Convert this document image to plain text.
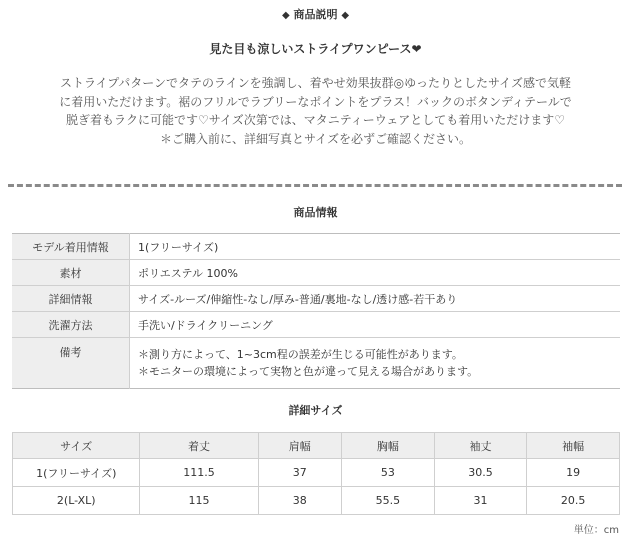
◆ 商品説明 ◆
見た目も涼しいストライプワンピース❤
ストライプパターンでタテのラインを強調し、着やせ効果抜群◎ゆったりとしたサイズ感で気軽
に着用いただけます。裾のフリルでラブリーなポイントをプラス！バックのボタンディテールで
脱ぎ着もラクに可能です♡サイズ次第では、マタニティーウェアとしても着用いただけます♡
＊ご購入前に、詳細写真とサイズを必ずご確認ください。
商品情報
モデル着用情報	1(フリーサイズ)
素材	ポリエステル 100%
詳細情報	サイズ-ルーズ/伸縮性-なし/厚み-普通/裏地-なし/透け感-若干あり
洗濯方法	手洗い/ドライクリーニング
備考	＊測り方によって、1~3cm程の誤差が生じる可能性があります。
＊モニターの環境によって実物と色が違って見える場合があります。
詳細サイズ
サイズ	着丈	肩幅	胸幅	袖丈	袖幅
1(フリーサイズ)	111.5	37	53	30.5	19
2(L-XL)	115	38	55.5	31	20.5
単位：cm
